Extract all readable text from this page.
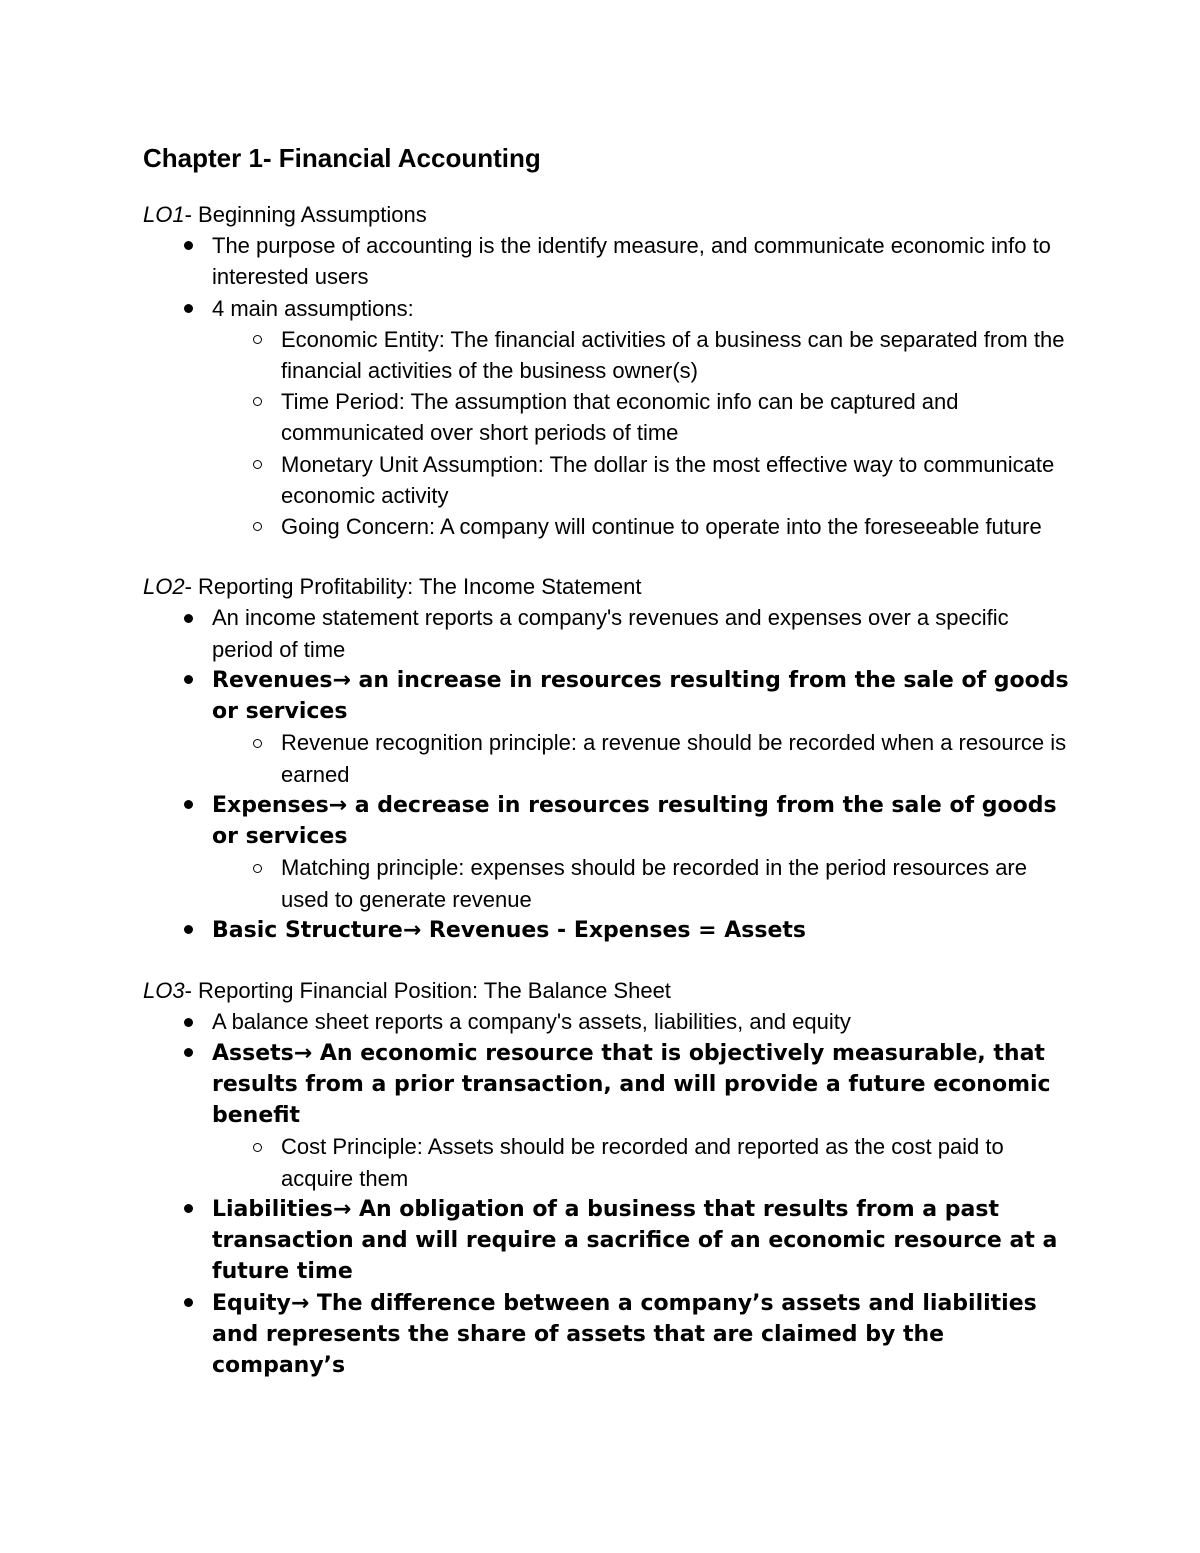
Chapter 1- Financial Accounting
LO1- Beginning Assumptions
The purpose of accounting is the identify measure, and communicate economic info to interested users
4 main assumptions:
Economic Entity: The financial activities of a business can be separated from the financial activities of the business owner(s)
Time Period: The assumption that economic info can be captured and communicated over short periods of time
Monetary Unit Assumption: The dollar is the most effective way to communicate economic activity
Going Concern: A company will continue to operate into the foreseeable future
LO2- Reporting Profitability: The Income Statement
An income statement reports a company's revenues and expenses over a specific period of time
Revenues→ an increase in resources resulting from the sale of goods or services
Revenue recognition principle: a revenue should be recorded when a resource is earned
Expenses→ a decrease in resources resulting from the sale of goods or services
Matching principle: expenses should be recorded in the period resources are used to generate revenue
Basic Structure→ Revenues - Expenses = Assets
LO3- Reporting Financial Position: The Balance Sheet
A balance sheet reports a company's assets, liabilities, and equity
Assets→ An economic resource that is objectively measurable, that results from a prior transaction, and will provide a future economic benefit
Cost Principle: Assets should be recorded and reported as the cost paid to acquire them
Liabilities→ An obligation of a business that results from a past transaction and will require a sacrifice of an economic resource at a future time
Equity→ The difference between a company’s assets and liabilities and represents the share of assets that are claimed by the company’s
